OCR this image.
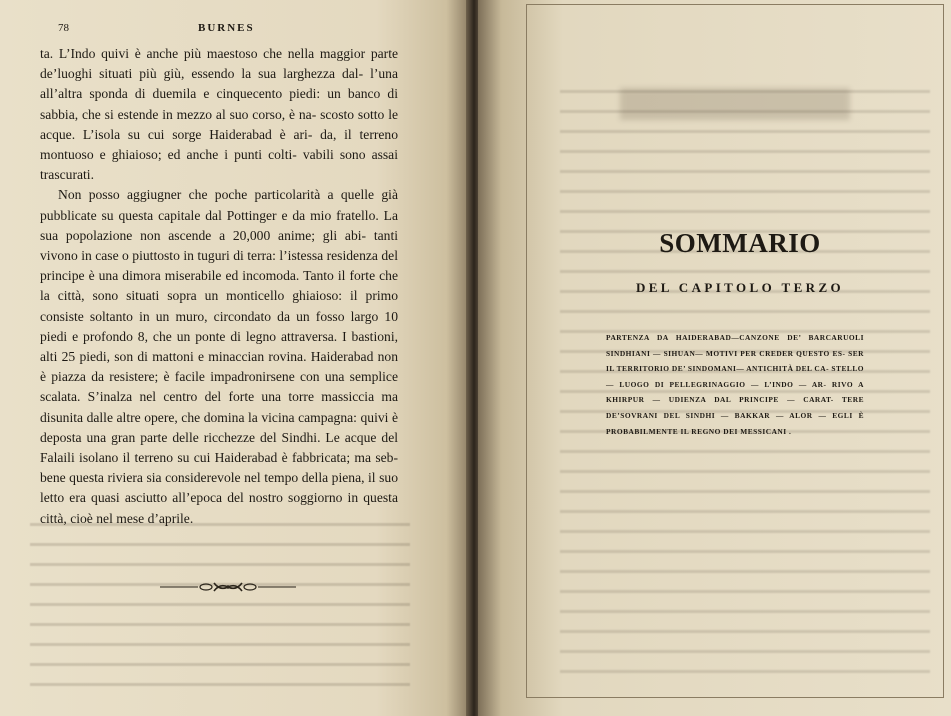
78	BURNES

ta. L’Indo quivi è anche più maestoso che nella maggior parte de’luoghi situati più giù, essendo la sua larghezza dal- l’una all’altra sponda di duemila e cinquecento piedi: un banco di sabbia, che si estende in mezzo al suo corso, è na- scosto sotto le acque. L’isola su cui sorge Haiderabad è ari- da, il terreno montuoso e ghiaioso; ed anche i punti colti- vabili sono assai trascurati.

Non posso aggiugner che poche particolarità a quelle già pubblicate su questa capitale dal Pottinger e da mio fratello. La sua popolazione non ascende a 20,000 anime; gli abi- tanti vivono in case o piuttosto in tuguri di terra: l’istessa residenza del principe è una dimora miserabile ed incomoda. Tanto il forte che la città, sono situati sopra un monticello ghiaioso: il primo consiste soltanto in un muro, circondato da un fosso largo 10 piedi e profondo 8, che un ponte di legno attraversa. I bastioni, alti 25 piedi, son di mattoni e minaccian rovina. Haiderabad non è piazza da resistere; è facile impadronirsene con una semplice scalata. S’inalza nel centro del forte una torre massiccia ma disunita dalle altre opere, che domina la vicina campagna: quivi è deposta una gran parte delle ricchezze del Sindhi. Le acque del Falaili isolano il terreno su cui Haiderabad è fabbricata; ma seb- bene questa riviera sia considerevole nel tempo della piena, il suo letto era quasi asciutto all’epoca del nostro soggiorno in questa città, cioè nel mese d’aprile.

SOMMARIO
DEL CAPITOLO TERZO
PARTENZA DA HAIDERABAD—CANZONE DE’ BARCARUOLI SINDHIANI — SIHUAN— MOTIVI PER CREDER QUESTO ES- SER IL TERRITORIO DE’ SINDOMANI— ANTICHITÀ DEL CA- STELLO — LUOGO DI PELLEGRINAGGIO — L’INDO — AR- RIVO A KHIRPUR — UDIENZA DAL PRINCIPE — CARAT- TERE DE’SOVRANI DEL SINDHI — BAKKAR — ALOR — EGLI È PROBABILMENTE IL REGNO DEI MESSICANI .
